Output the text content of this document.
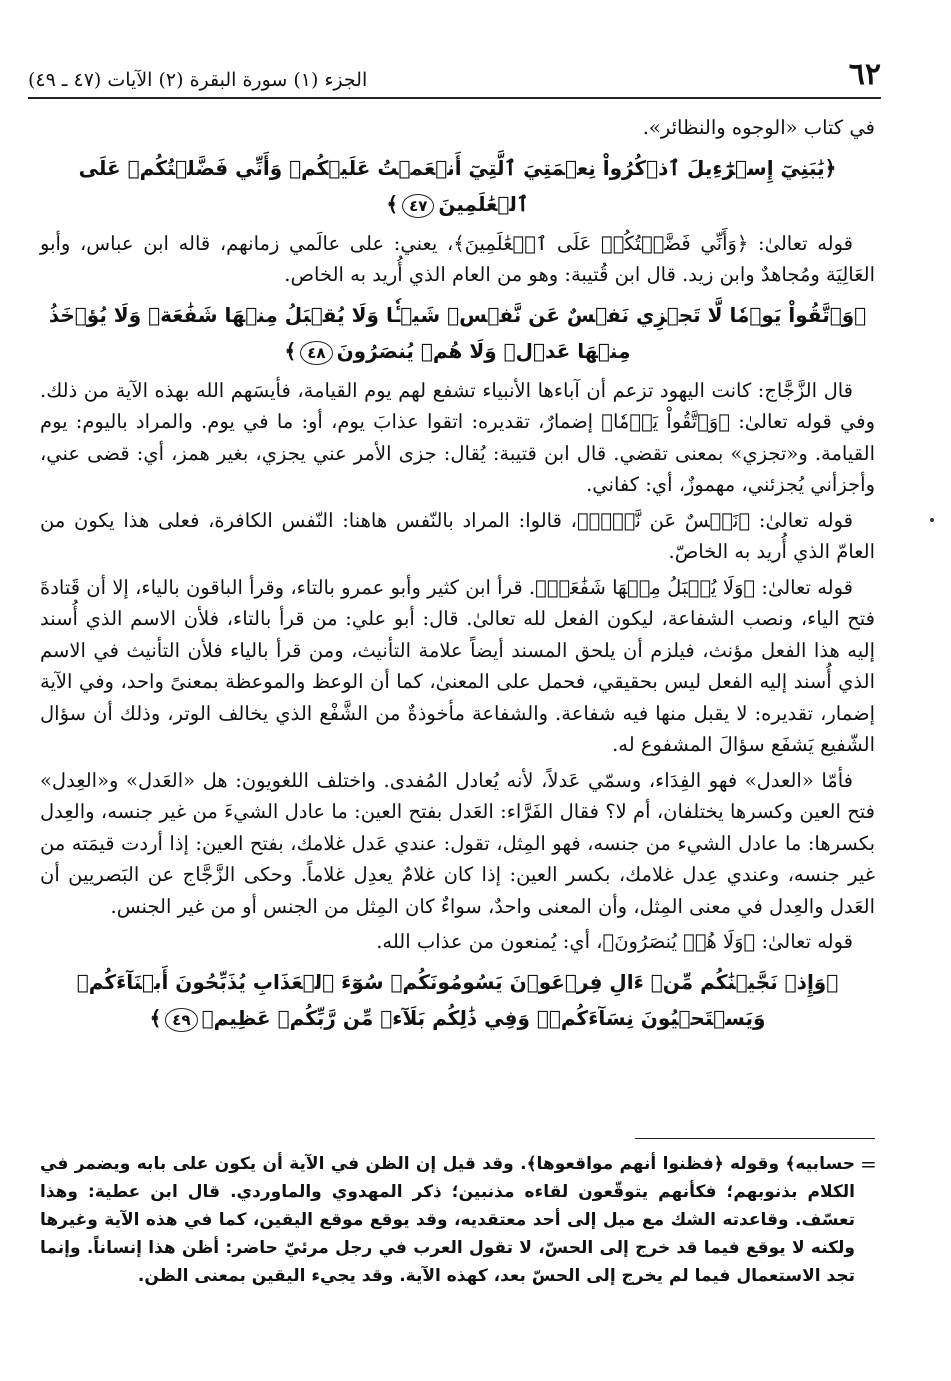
٦٢
الجزء (١) سورة البقرة (٢) الآيات (٤٧ ـ ٤٩)

في كتاب «الوجوه والنظائر».

﴿يَٰبَنِيٓ إِسۡرَٰٓءِيلَ ٱذۡكُرُواْ نِعۡمَتِيَ ٱلَّتِيٓ أَنۡعَمۡتُ عَلَيۡكُمۡ وَأَنِّي فَضَّلۡتُكُمۡ عَلَى ٱلۡعَٰلَمِينَ٤٧﴾

قوله تعالىٰ: ﴿وَأَنِّي فَضَّلۡتُكُمۡ عَلَى ٱلۡعَٰلَمِينَ﴾، يعني: على عالَمي زمانهم، قاله ابن عباس، وأبو العَالِيَة ومُجاهدٌ وابن زيد. قال ابن قُتيبة: وهو من العام الذي أُريد به الخاص.

﴿وَٱتَّقُواْ يَوۡمٗا لَّا تَجۡزِي نَفۡسٌ عَن نَّفۡسٖ شَيۡـٔٗا وَلَا يُقۡبَلُ مِنۡهَا شَفَٰعَةٞ وَلَا يُؤۡخَذُ مِنۡهَا عَدۡلٞ وَلَا هُمۡ يُنصَرُونَ٤٨﴾

قال الزَّجَّاج: كانت اليهود تزعم أن آباءها الأنبياء تشفع لهم يوم القيامة، فأيسَهم الله بهذه الآية من ذلك. وفي قوله تعالىٰ: ﴿وَٱتَّقُواْ يَوۡمٗا﴾ إضمارٌ، تقديره: اتقوا عذابَ يوم، أو: ما في يوم. والمراد باليوم: يوم القيامة. و«تجزي» بمعنى تقضي. قال ابن قتيبة: يُقال: جزى الأمر عني يجزي، بغير همز، أي: قضى عني، وأجزأني يُجزئني، مهموزٌ، أي: كفاني.

قوله تعالىٰ: ﴿نَفۡسٌ عَن نَّفۡسٖ﴾، قالوا: المراد بالنّفس هاهنا: النّفس الكافرة، فعلى هذا يكون من العامّ الذي أُريد به الخاصّ.

قوله تعالىٰ: ﴿وَلَا يُقۡبَلُ مِنۡهَا شَفَٰعَةٞ﴾. قرأ ابن كثير وأبو عمرو بالتاء، وقرأ الباقون بالياء، إلا أن قَتادةَ فتح الياء، ونصب الشفاعة، ليكون الفعل لله تعالىٰ. قال: أبو علي: من قرأ بالتاء، فلأن الاسم الذي أُسند إليه هذا الفعل مؤنث، فيلزم أن يلحق المسند أيضاً علامة التأنيث، ومن قرأ بالياء فلأن التأنيث في الاسم الذي أُسند إليه الفعل ليس بحقيقي، فحمل على المعنىٰ، كما أن الوعظ والموعظة بمعنىً واحد، وفي الآية إضمار، تقديره: لا يقبل منها فيه شفاعة. والشفاعة مأخوذةٌ من الشَّفْع الذي يخالف الوتر، وذلك أن سؤال الشّفيع يَشفَع سؤالَ المشفوع له.

فأمّا «العدل» فهو الفِدَاء، وسمّي عَدلاً، لأنه يُعادل المُفدى. واختلف اللغويون: هل «العَدل» و«العِدل» فتح العين وكسرها يختلفان، أم لا؟ فقال الفَرَّاء: العَدل بفتح العين: ما عادل الشيءَ من غير جنسه، والعِدل بكسرها: ما عادل الشيء من جنسه، فهو المِثل، تقول: عندي عَدل غلامك، بفتح العين: إذا أردت قيمَته من غير جنسه، وعندي عِدل غلامك، بكسر العين: إذا كان غلامٌ يعدِل غلاماً. وحكى الزَّجَّاج عن البَصريين أن العَدل والعِدل في معنى المِثل، وأن المعنى واحدٌ، سواءٌ كان المِثل من الجنس أو من غير الجنس.

قوله تعالىٰ: ﴿وَلَا هُمۡ يُنصَرُونَ﴾، أي: يُمنعون من عذاب الله.

﴿وَإِذۡ نَجَّيۡنَٰكُم مِّنۡ ءَالِ فِرۡعَوۡنَ يَسُومُونَكُمۡ سُوٓءَ ٱلۡعَذَابِ يُذَبِّحُونَ أَبۡنَآءَكُمۡ وَيَسۡتَحۡيُونَ نِسَآءَكُمۡۚ وَفِي ذَٰلِكُم بَلَآءٞ مِّن رَّبِّكُمۡ عَظِيمٞ٤٩﴾

=

حسابيه﴾ وقوله ﴿فظنوا أنهم مواقعوها﴾. وقد قيل إن الظن في الآية أن يكون على بابه ويضمر في الكلام بذنوبهم؛ فكأنهم يتوقّعون لقاءه مذنبين؛ ذكر المهدوي والماوردي. قال ابن عطية: وهذا تعسّف. وقاعدته الشك مع ميل إلى أحد معتقديه، وقد يوقع موقع اليقين، كما في هذه الآية وغيرها ولكنه لا يوقع فيما قد خرج إلى الحسّ، لا تقول العرب في رجل مرئيّ حاضر: أظن هذا إنساناً. وإنما تجد الاستعمال فيما لم يخرج إلى الحسّ بعد، كهذه الآية. وقد يجيء اليقين بمعنى الظن.
